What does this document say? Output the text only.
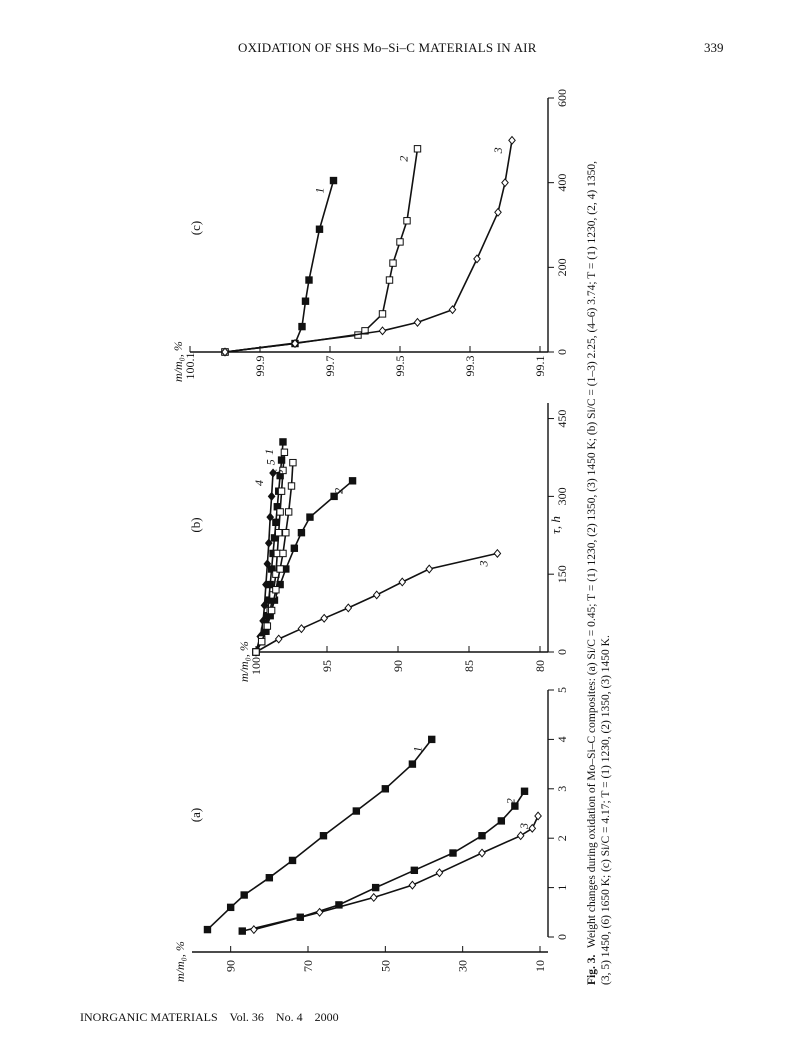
OXIDATION OF SHS Mo–Si–C MATERIALS IN AIR	339
Fig. 3. Weight changes during oxidation of Mo–Si–C composites: (a) Si/C = 0.45; T = (1) 1230, (2) 1350, (3) 1450 K; (b) Si/C = (1–3) 2.25, (4–6) 3.74; T = (1) 1230, (2, 4) 1350, (3, 5) 1450, (6) 1650 K; (c) Si/C = 4.17; T = (1) 1230, (2) 1350, (3) 1450 K.
0
1
2
3
4
5
10
30
50
70
90
m/m₀, %
(a)
1
2
3
0
150
300
450
80
85
90
95
100
m/m₀, %
(b)	τ, h
1
2
3
4
5
6
0
200
400
600
99.1
99.3
99.5
99.7
99.9
100.1
m/m₀, %
(c)
1
2
3
INORGANIC MATERIALS Vol. 36 No. 4 2000
